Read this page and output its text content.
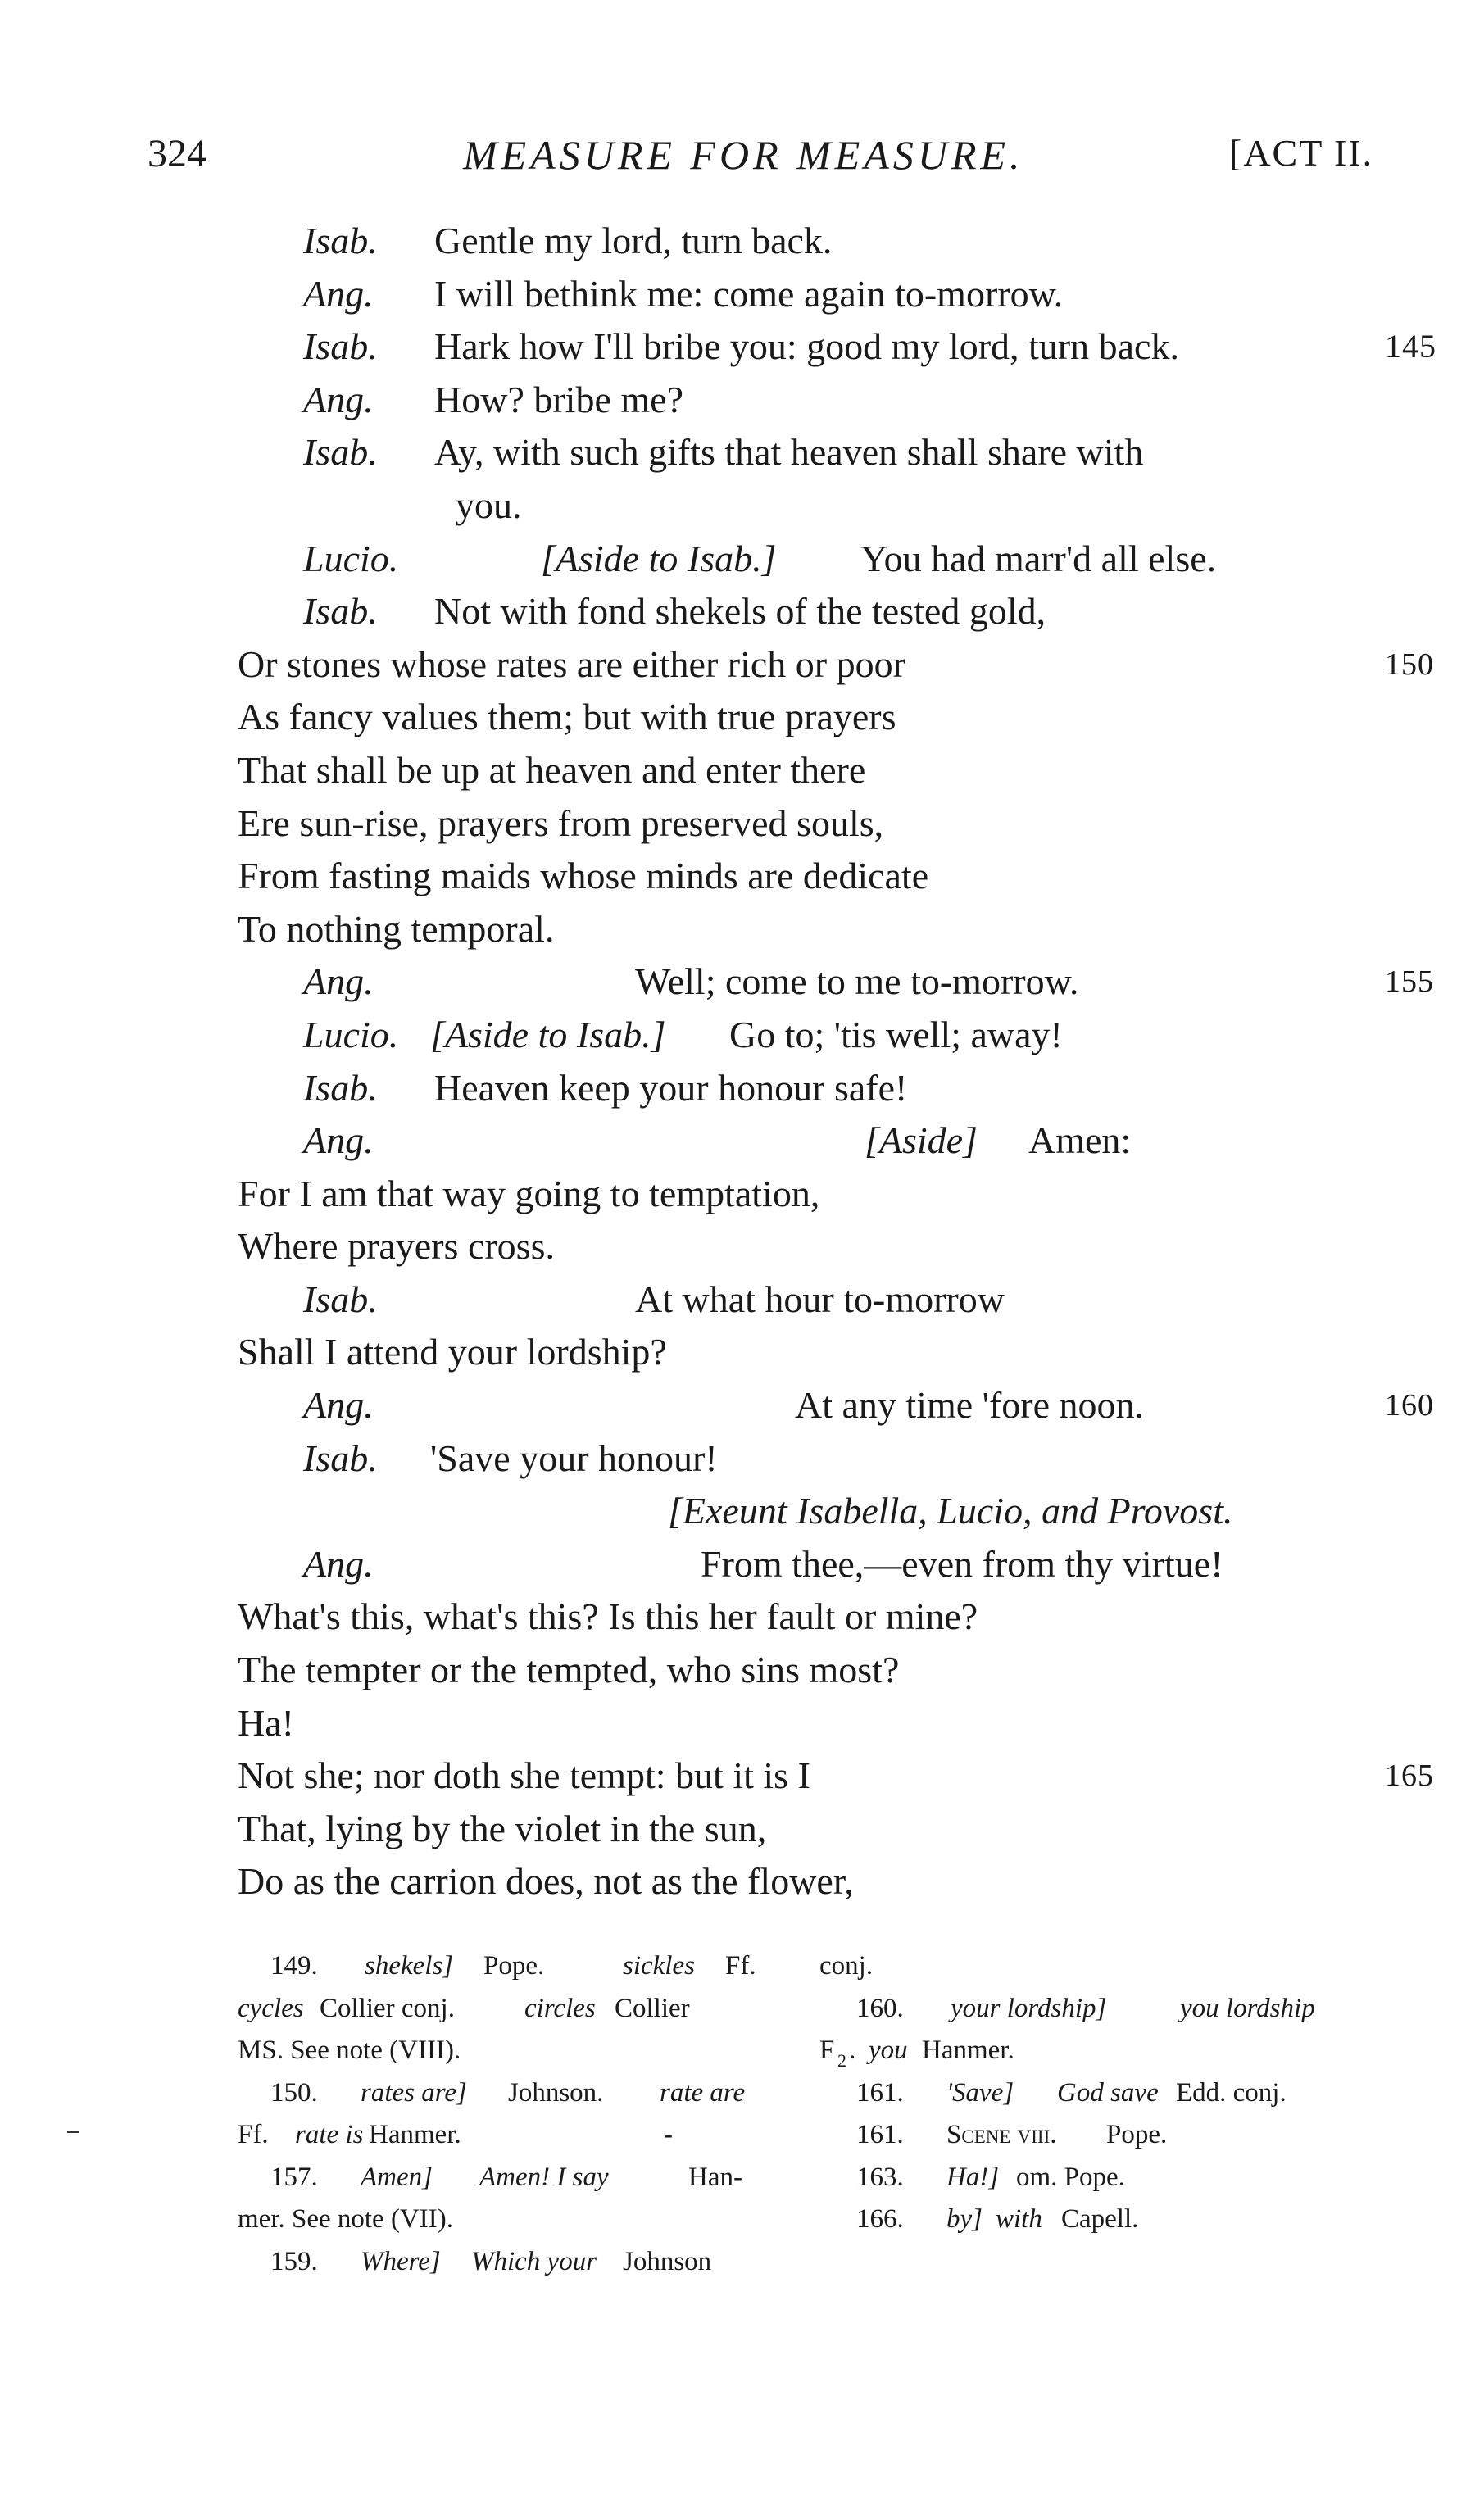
324	MEASURE FOR MEASURE.	[ACT II.
Isab. Gentle my lord, turn back.
Ang. I will bethink me: come again to-morrow.
Isab. Hark how I'll bribe you: good my lord, turn back.	145
Ang. How? bribe me?
Isab. Ay, with such gifts that heaven shall share with
you.
Lucio.	[Aside to Isab.] You had marr'd all else.
Isab. Not with fond shekels of the tested gold,
Or stones whose rates are either rich or poor	150
As fancy values them; but with true prayers
That shall be up at heaven and enter there
Ere sun-rise, prayers from preserved souls,
From fasting maids whose minds are dedicate
To nothing temporal.
Ang.	Well; come to me to-morrow.	155
Lucio. [Aside to Isab.] Go to; 'tis well; away!
Isab. Heaven keep your honour safe!
Ang.	[Aside] Amen:
For I am that way going to temptation,
Where prayers cross.
Isab.	At what hour to-morrow
Shall I attend your lordship?
Ang.	At any time 'fore noon.	160
Isab. 'Save your honour!
[Exeunt Isabella, Lucio, and Provost.
Ang.	From thee,—even from thy virtue!
What's this, what's this? Is this her fault or mine?
The tempter or the tempted, who sins most?
Ha!
Not she; nor doth she tempt: but it is I	165
That, lying by the violet in the sun,
Do as the carrion does, not as the flower,
149. shekels] Pope.	sickles Ff.
cycles Collier conj.	circles Collier
MS. See note (VIII).
150. rates are] Johnson. rate are
Ff. rate is Hanmer.	-
157. Amen] Amen! I say	Han-
mer. See note (VII).
159. Where] Which your Johnson
conj.
160. your lordship]	you lordship
F 2 . you Hanmer.
161. 'Save] God save Edd. conj.
161. Scene viii. Pope.
163. Ha!] om. Pope.
166. by] with Capell.
